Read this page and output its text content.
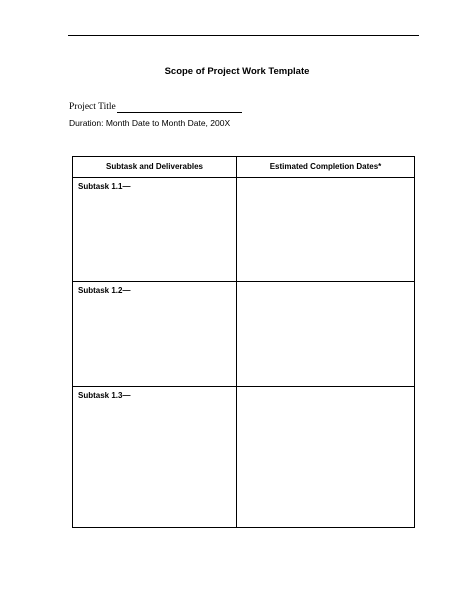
Scope of Project Work Template
Project Title
Duration: Month Date to Month Date, 200X
Subtask and Deliverables	Estimated Completion Dates*
Subtask 1.1—
Subtask 1.2—
Subtask 1.3—
